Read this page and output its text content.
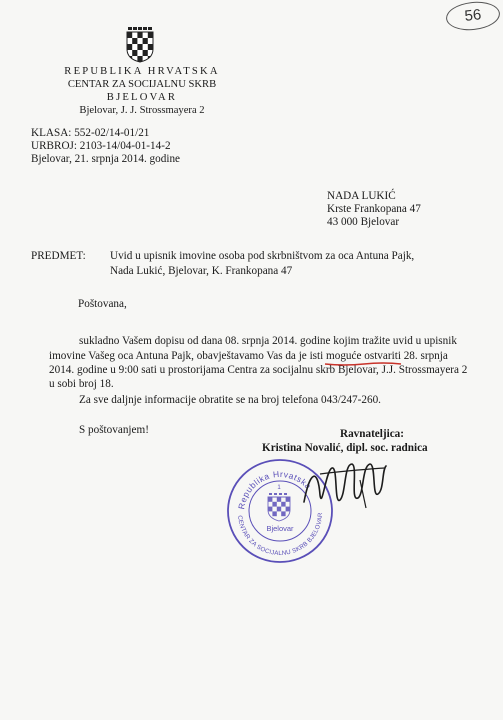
56
REPUBLIKA HRVATSKA
CENTAR ZA SOCIJALNU SKRB
BJELOVAR
Bjelovar, J. J. Strossmayera 2
KLASA: 552-02/14-01/21
URBROJ: 2103-14/04-01-14-2
Bjelovar, 21. srpnja 2014. godine
NADA LUKIĆ
Krste Frankopana 47
43 000 Bjelovar
PREDMET: Uvid u upisnik imovine osoba pod skrbništvom za oca Antuna Pajk,
Nada Lukić, Bjelovar, K. Frankopana 47
Poštovana,
sukladno Vašem dopisu od dana 08. srpnja 2014. godine kojim tražite uvid u upisnik
imovine Vašeg oca Antuna Pajk, obavještavamo Vas da je isti moguće ostvariti 28. srpnja
2014. godine u 9:00 sati u prostorijama Centra za socijalnu skrb Bjelovar, J.J. Strossmayera 2
u sobi broj 18.
Za sve daljnje informacije obratite se na broj telefona 043/247-260.
S poštovanjem!	Ravnateljica:
Kristina Novalić, dipl. soc. radnica
Republika Hrvatska
CENTAR ZA SOCIJALNU SKRB BJELOVAR
1
Bjelovar
